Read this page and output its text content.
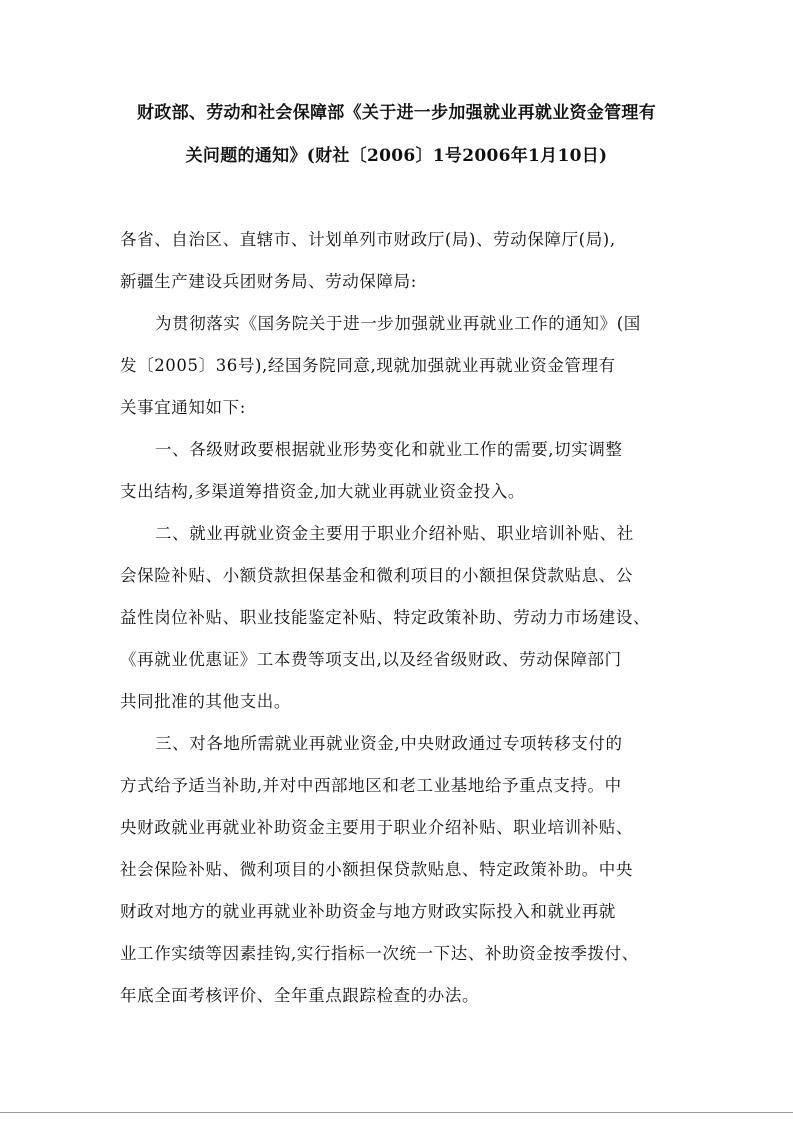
财政部、劳动和社会保障部《关于进一步加强就业再就业资金管理有
关问题的通知》(财社〔2006〕1号2006年1月10日)
各省、自治区、直辖市、计划单列市财政厅(局)、劳动保障厅(局),
新疆生产建设兵团财务局、劳动保障局:
为贯彻落实《国务院关于进一步加强就业再就业工作的通知》(国
发〔2005〕36号),经国务院同意,现就加强就业再就业资金管理有
关事宜通知如下:
一、各级财政要根据就业形势变化和就业工作的需要,切实调整
支出结构,多渠道筹措资金,加大就业再就业资金投入。
二、就业再就业资金主要用于职业介绍补贴、职业培训补贴、社
会保险补贴、小额贷款担保基金和微利项目的小额担保贷款贴息、公
益性岗位补贴、职业技能鉴定补贴、特定政策补助、劳动力市场建设、
《再就业优惠证》工本费等项支出,以及经省级财政、劳动保障部门
共同批准的其他支出。
三、对各地所需就业再就业资金,中央财政通过专项转移支付的
方式给予适当补助,并对中西部地区和老工业基地给予重点支持。中
央财政就业再就业补助资金主要用于职业介绍补贴、职业培训补贴、
社会保险补贴、微利项目的小额担保贷款贴息、特定政策补助。中央
财政对地方的就业再就业补助资金与地方财政实际投入和就业再就
业工作实绩等因素挂钩,实行指标一次统一下达、补助资金按季拨付、
年底全面考核评价、全年重点跟踪检查的办法。
